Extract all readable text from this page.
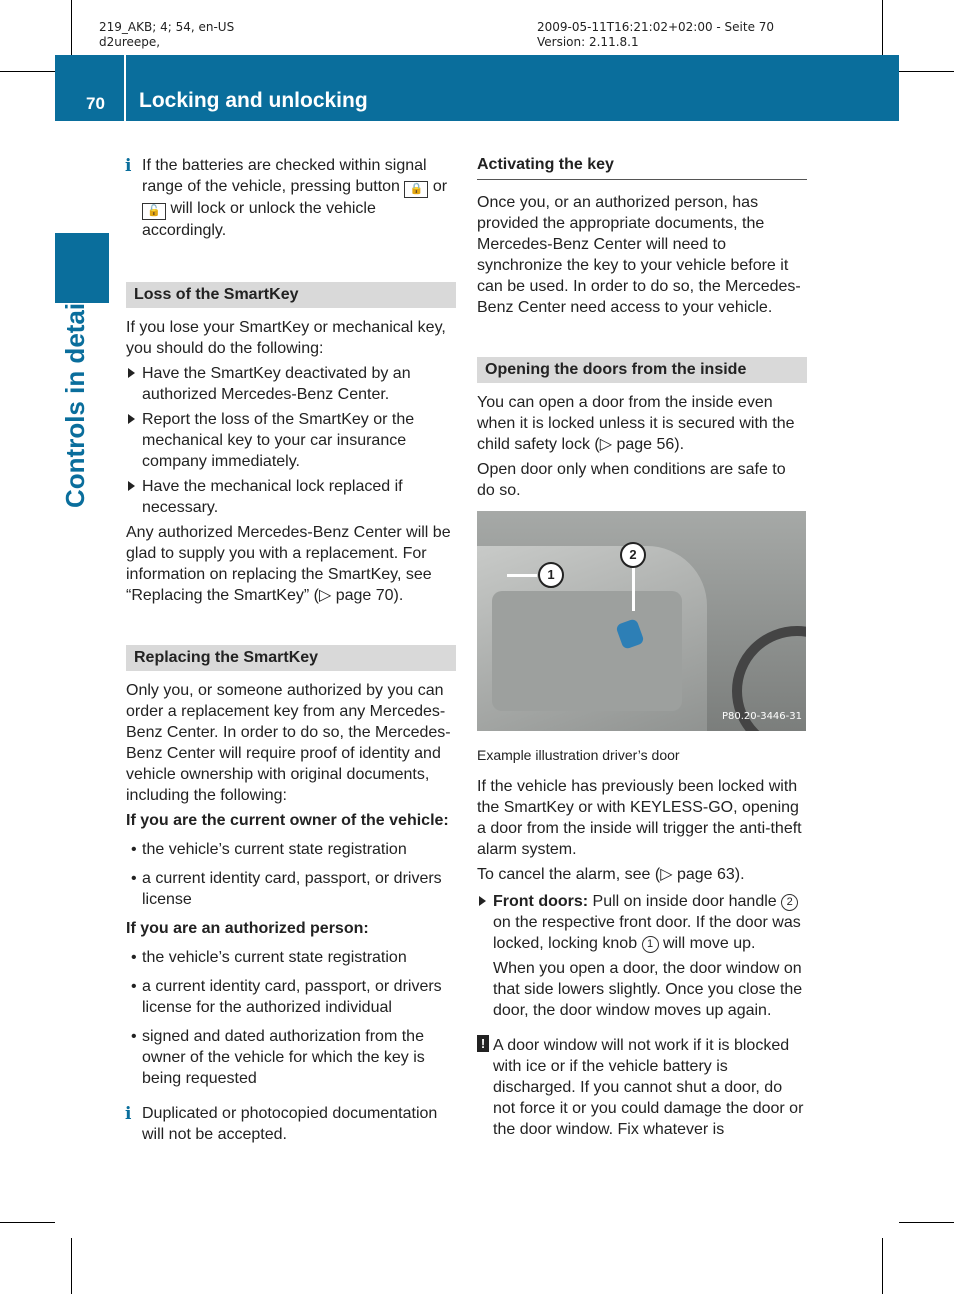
219_AKB; 4; 54, en-US
d2ureepe,
2009-05-11T16:21:02+02:00 - Seite 70
Version: 2.11.8.1
70 Locking and unlocking
Controls in detail
i If the batteries are checked within signal range of the vehicle, pressing button 🔒 or 🔓 will lock or unlock the vehicle accordingly.
Loss of the SmartKey

If you lose your SmartKey or mechanical key, you should do the following:

Have the SmartKey deactivated by an authorized Mercedes-Benz Center.
Report the loss of the SmartKey or the mechanical key to your car insurance company immediately.
Have the mechanical lock replaced if necessary.

Any authorized Mercedes-Benz Center will be glad to supply you with a replacement. For information on replacing the SmartKey, see “Replacing the SmartKey” (▷ page 70).

Replacing the SmartKey

Only you, or someone authorized by you can order a replacement key from any Mercedes-Benz Center. In order to do so, the Mercedes-Benz Center will require proof of identity and vehicle ownership with original documents, including the following:

If you are the current owner of the vehicle:
• the vehicle’s current state registration
• a current identity card, passport, or drivers license
If you are an authorized person:
• the vehicle’s current state registration
• a current identity card, passport, or drivers license for the authorized individual
• signed and dated authorization from the owner of the vehicle for which the key is being requested
i Duplicated or photocopied documentation will not be accepted.
Activating the key

Once you, or an authorized person, has provided the appropriate documents, the Mercedes-Benz Center will need to synchronize the key to your vehicle before it can be used. In order to do so, the Mercedes-Benz Center need access to your vehicle.

Opening the doors from the inside

You can open a door from the inside even when it is locked unless it is secured with the child safety lock (▷ page 56).

Open door only when conditions are safe to do so.

1
2
P80.20-3446-31
Example illustration driver’s door

If the vehicle has previously been locked with the SmartKey or with KEYLESS-GO, opening a door from the inside will trigger the anti-theft alarm system.

To cancel the alarm, see (▷ page 63).

Front doors: Pull on inside door handle 2 on the respective front door. If the door was locked, locking knob 1 will move up.

When you open a door, the door window on that side lowers slightly. Once you close the door, the door window moves up again.

! A door window will not work if it is blocked with ice or if the vehicle battery is discharged. If you cannot shut a door, do not force it or you could damage the door or the door window. Fix whatever is
